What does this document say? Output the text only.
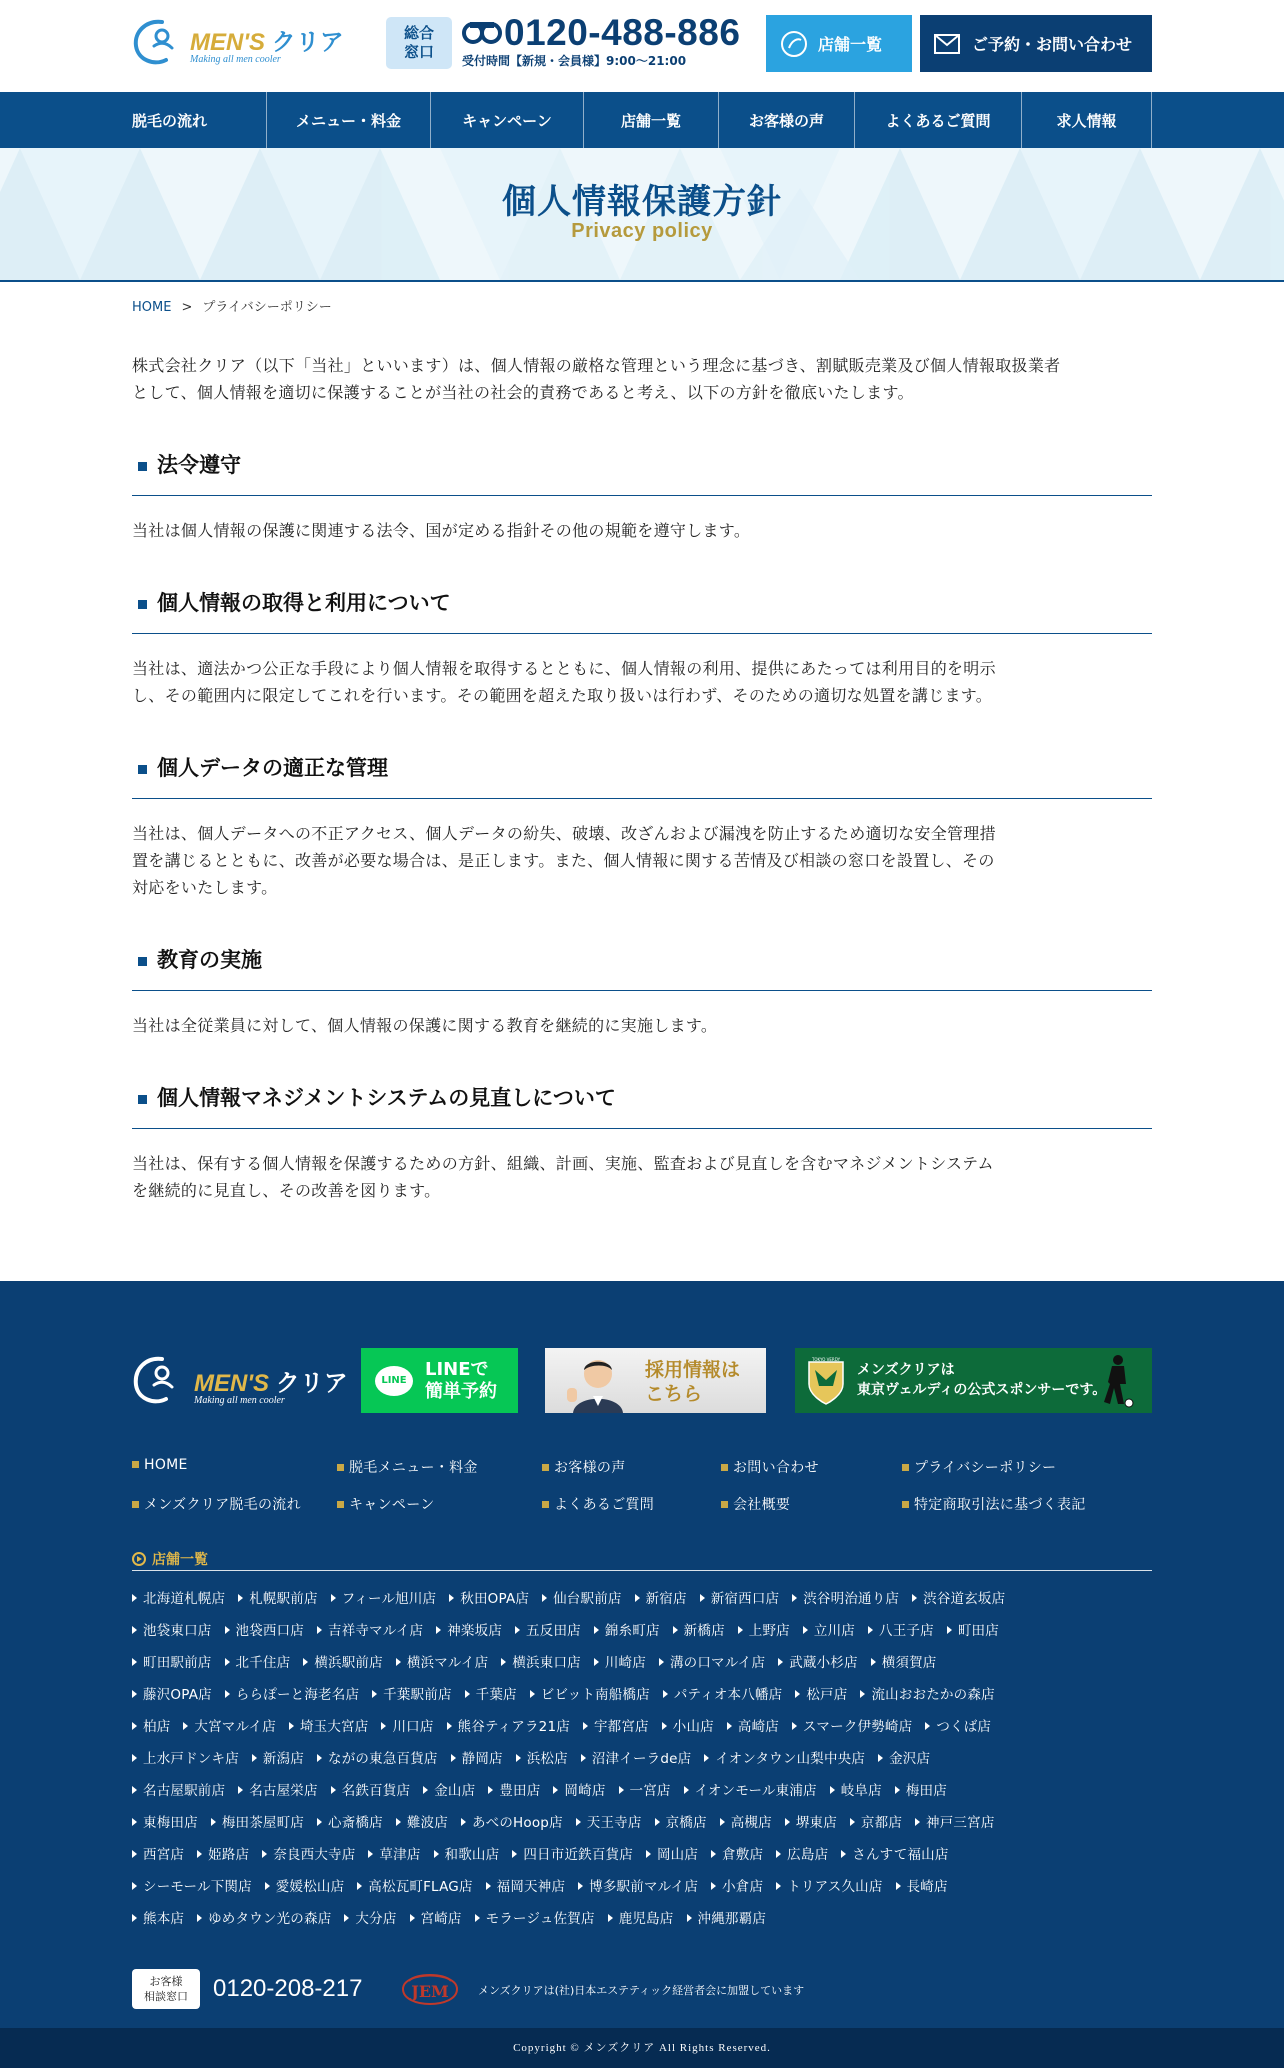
MEN'S クリア
Making all men cooler
総合
窓口	0120-488-886
受付時間【新規・会員様】9:00〜21:00
店舗一覧	ご予約・お問い合わせ
脱毛の流れ	メニュー・料金	キャンペーン	店舗一覧	お客様の声	よくあるご質問	求人情報
個人情報保護方針
Privacy policy
HOME > プライバシーポリシー
株式会社クリア（以下「当社」といいます）は、個人情報の厳格な管理という理念に基づき、割賦販売業及び個人情報取扱業者
として、個人情報を適切に保護することが当社の社会的責務であると考え、以下の方針を徹底いたします。
法令遵守

当社は個人情報の保護に関連する法令、国が定める指針その他の規範を遵守します。

個人情報の取得と利用について

当社は、適法かつ公正な手段により個人情報を取得するとともに、個人情報の利用、提供にあたっては利用目的を明示
し、その範囲内に限定してこれを行います。その範囲を超えた取り扱いは行わず、そのための適切な処置を講じます。

個人データの適正な管理

当社は、個人データへの不正アクセス、個人データの紛失、破壊、改ざんおよび漏洩を防止するため適切な安全管理措
置を講じるとともに、改善が必要な場合は、是正します。また、個人情報に関する苦情及び相談の窓口を設置し、その
対応をいたします。

教育の実施

当社は全従業員に対して、個人情報の保護に関する教育を継続的に実施します。

個人情報マネジメントシステムの見直しについて

当社は、保有する個人情報を保護するための方針、組織、計画、実施、監査および見直しを含むマネジメントシステム
を継続的に見直し、その改善を図ります。

MEN'S クリア
Making all men cooler
LINE
LINEで
簡単予約
採用情報は
こちら
TOKYO VERDY
メンズクリアは
東京ヴェルディの公式スポンサーです。
HOME	脱毛メニュー・料金	お客様の声	お問い合わせ	プライバシーポリシー
メンズクリア脱毛の流れ	キャンペーン	よくあるご質問	会社概要	特定商取引法に基づく表記
店舗一覧
北海道札幌店	札幌駅前店	フィール旭川店	秋田OPA店	仙台駅前店	新宿店	新宿西口店	渋谷明治通り店	渋谷道玄坂店
池袋東口店	池袋西口店	吉祥寺マルイ店	神楽坂店	五反田店	錦糸町店	新橋店	上野店	立川店	八王子店	町田店
町田駅前店	北千住店	横浜駅前店	横浜マルイ店	横浜東口店	川崎店	溝の口マルイ店	武蔵小杉店	横須賀店
藤沢OPA店	ららぽーと海老名店	千葉駅前店	千葉店	ビビット南船橋店	パティオ本八幡店	松戸店	流山おおたかの森店
柏店	大宮マルイ店	埼玉大宮店	川口店	熊谷ティアラ21店	宇都宮店	小山店	高崎店	スマーク伊勢崎店	つくば店
上水戸ドンキ店	新潟店	ながの東急百貨店	静岡店	浜松店	沼津イーラde店	イオンタウン山梨中央店	金沢店
名古屋駅前店	名古屋栄店	名鉄百貨店	金山店	豊田店	岡崎店	一宮店	イオンモール東浦店	岐阜店	梅田店
東梅田店	梅田茶屋町店	心斎橋店	難波店	あべのHoop店	天王寺店	京橋店	高槻店	堺東店	京都店	神戸三宮店
西宮店	姫路店	奈良西大寺店	草津店	和歌山店	四日市近鉄百貨店	岡山店	倉敷店	広島店	さんすて福山店
シーモール下関店	愛媛松山店	高松瓦町FLAG店	福岡天神店	博多駅前マルイ店	小倉店	トリアス久山店	長崎店
熊本店	ゆめタウン光の森店	大分店	宮崎店	モラージュ佐賀店	鹿児島店	沖縄那覇店
お客様
相談窓口	0120-208-217	JEM	メンズクリアは(社)日本エステティック経営者会に加盟しています
Copyright © メンズクリア All Rights Reserved.
